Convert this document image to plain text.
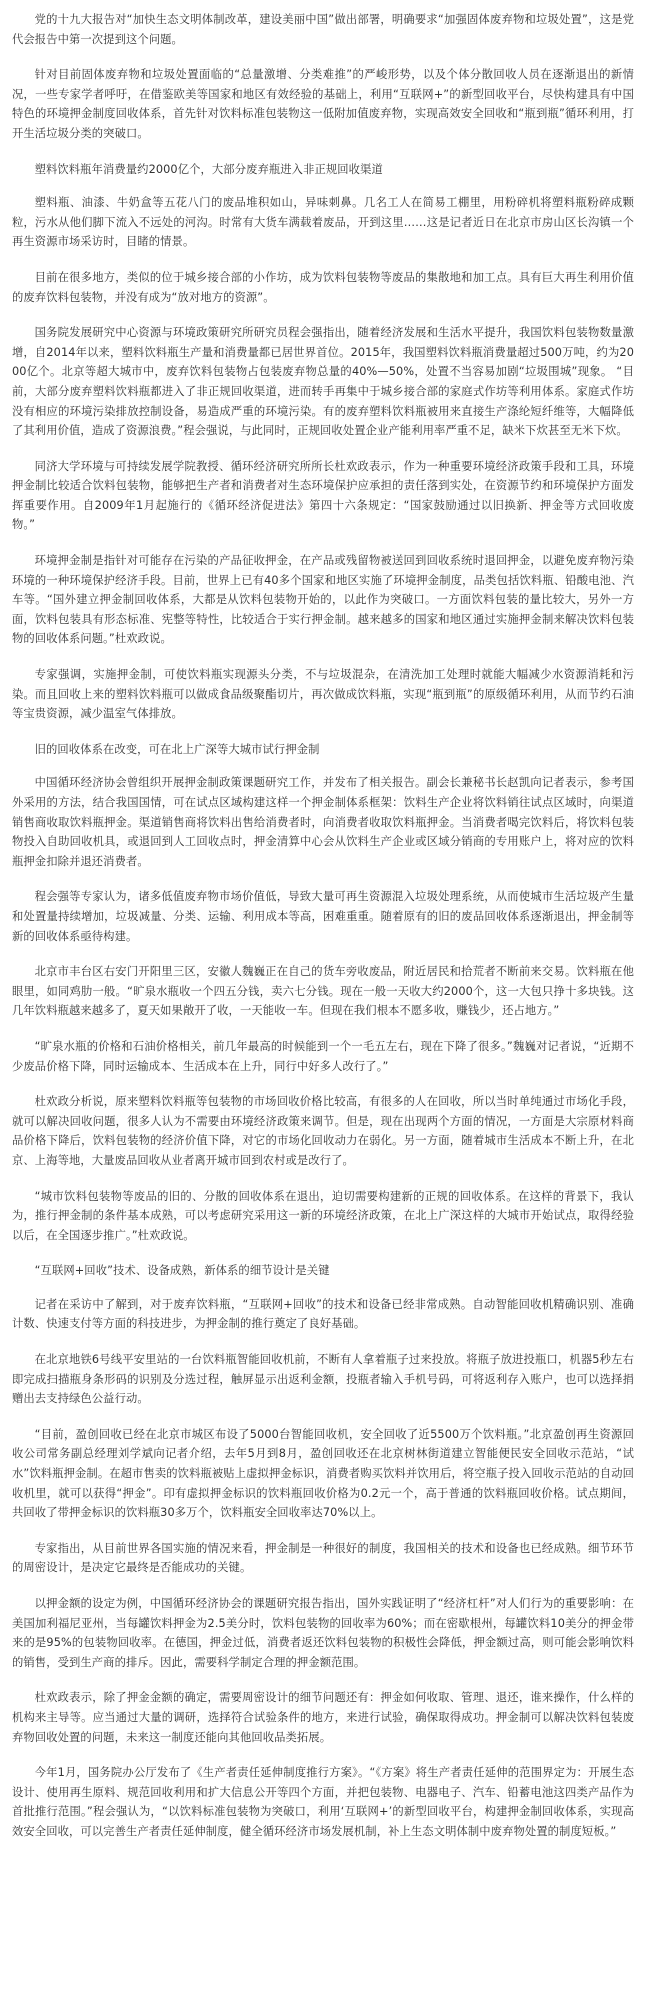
党的十九大报告对“加快生态文明体制改革，建设美丽中国”做出部署，明确要求“加强固体废弃物和垃圾处置”，这是党代会报告中第一次提到这个问题。

针对目前固体废弃物和垃圾处置面临的“总量激增、分类难推”的严峻形势，以及个体分散回收人员在逐渐退出的新情况，一些专家学者呼吁，在借鉴欧美等国家和地区有效经验的基础上，利用“互联网+”的新型回收平台，尽快构建具有中国特色的环境押金制度回收体系，首先针对饮料标准包装物这一低附加值废弃物，实现高效安全回收和“瓶到瓶”循环利用，打开生活垃圾分类的突破口。

塑料饮料瓶年消费量约2000亿个，大部分废弃瓶进入非正规回收渠道

塑料瓶、油漆、牛奶盒等五花八门的废品堆积如山，异味刺鼻。几名工人在简易工棚里，用粉碎机将塑料瓶粉碎成颗粒，污水从他们脚下流入不远处的河沟。时常有大货车满载着废品，开到这里……这是记者近日在北京市房山区长沟镇一个再生资源市场采访时，目睹的情景。

目前在很多地方，类似的位于城乡接合部的小作坊，成为饮料包装物等废品的集散地和加工点。具有巨大再生利用价值的废弃饮料包装物，并没有成为“放对地方的资源”。

国务院发展研究中心资源与环境政策研究所研究员程会强指出，随着经济发展和生活水平提升，我国饮料包装物数量激增，自2014年以来，塑料饮料瓶生产量和消费量都已居世界首位。2015年，我国塑料饮料瓶消费量超过500万吨，约为2000亿个。北京等超大城市中，废弃饮料包装物占包装废弃物总量的40%—50%，处置不当容易加剧“垃圾围城”现象。 “目前，大部分废弃塑料饮料瓶都进入了非正规回收渠道，进而转手再集中于城乡接合部的家庭式作坊等利用体系。家庭式作坊没有相应的环境污染排放控制设备，易造成严重的环境污染。有的废弃塑料饮料瓶被用来直接生产涤纶短纤维等，大幅降低了其利用价值，造成了资源浪费。”程会强说，与此同时，正规回收处置企业产能利用率严重不足，缺米下炊甚至无米下炊。

同济大学环境与可持续发展学院教授、循环经济研究所所长杜欢政表示，作为一种重要环境经济政策手段和工具，环境押金制比较适合饮料包装物，能够把生产者和消费者对生态环境保护应承担的责任落到实处，在资源节约和环境保护方面发挥重要作用。自2009年1月起施行的《循环经济促进法》第四十六条规定：“国家鼓励通过以旧换新、押金等方式回收废物。”

环境押金制是指针对可能存在污染的产品征收押金，在产品或残留物被送回到回收系统时退回押金，以避免废弃物污染环境的一种环境保护经济手段。目前，世界上已有40多个国家和地区实施了环境押金制度，品类包括饮料瓶、铅酸电池、汽车等。“国外建立押金制回收体系，大都是从饮料包装物开始的，以此作为突破口。一方面饮料包装的量比较大，另外一方面，饮料包装具有形态标准、宪整等特性，比较适合于实行押金制。越来越多的国家和地区通过实施押金制来解决饮料包装物的回收体系问题。”杜欢政说。

专家强调，实施押金制，可使饮料瓶实现源头分类，不与垃圾混杂，在清洗加工处理时就能大幅减少水资源消耗和污染。而且回收上来的塑料饮料瓶可以做成食品级聚酯切片，再次做成饮料瓶，实现“瓶到瓶”的原级循环利用，从而节约石油等宝贵资源，减少温室气体排放。

旧的回收体系在改变，可在北上广深等大城市试行押金制

中国循环经济协会曾组织开展押金制政策课题研究工作，并发布了相关报告。副会长兼秘书长赵凯向记者表示，参考国外采用的方法，结合我国国情，可在试点区域构建这样一个押金制体系框架：饮料生产企业将饮料销往试点区域时，向渠道销售商收取饮料瓶押金。渠道销售商将饮料出售给消费者时，向消费者收取饮料瓶押金。当消费者喝完饮料后，将饮料包装物投入自助回收机具，或退回到人工回收点时，押金清算中心会从饮料生产企业或区域分销商的专用账户上，将对应的饮料瓶押金扣除并退还消费者。

程会强等专家认为，诸多低值废弃物市场价值低，导致大量可再生资源混入垃圾处理系统，从而使城市生活垃圾产生量和处置量持续增加，垃圾减量、分类、运输、利用成本等高，困难重重。随着原有的旧的废品回收体系逐渐退出，押金制等新的回收体系亟待构建。

北京市丰台区右安门开阳里三区，安徽人魏巍正在自己的货车旁收废品，附近居民和拾荒者不断前来交易。饮料瓶在他眼里，如同鸡肋一般。“旷泉水瓶收一个四五分钱，卖六七分钱。现在一般一天收大约2000个，这一大包只挣十多块钱。这几年饮料瓶越来越多了，夏天如果敞开了收，一天能收一车。但现在我们根本不愿多收，赚钱少，还占地方。”

“旷泉水瓶的价格和石油价格相关，前几年最高的时候能到一个一毛五左右，现在下降了很多。”魏巍对记者说，“近期不少废品价格下降，同时运输成本、生活成本在上升，同行中好多人改行了。”

杜欢政分析说，原来塑料饮料瓶等包装物的市场回收价格比较高，有很多的人在回收，所以当时单纯通过市场化手段，就可以解决回收问题，很多人认为不需要由环境经济政策来调节。但是，现在出现两个方面的情况，一方面是大宗原材料商品价格下降后，饮料包装物的经济价值下降，对它的市场化回收动力在弱化。另一方面，随着城市生活成本不断上升，在北京、上海等地，大量废品回收从业者离开城市回到农村或是改行了。

“城市饮料包装物等废品的旧的、分散的回收体系在退出，迫切需要构建新的正规的回收体系。在这样的背景下，我认为，推行押金制的条件基本成熟，可以考虑研究采用这一新的环境经济政策，在北上广深这样的大城市开始试点，取得经验以后，在全国逐步推广。”杜欢政说。

“互联网+回收”技术、设备成熟，新体系的细节设计是关键

记者在采访中了解到，对于废弃饮料瓶，“互联网+回收”的技术和设备已经非常成熟。自动智能回收机精确识别、准确计数、快速支付等方面的科技进步，为押金制的推行奠定了良好基础。

在北京地铁6号线平安里站的一台饮料瓶智能回收机前，不断有人拿着瓶子过来投放。将瓶子放进投瓶口，机器5秒左右即完成扫描瓶身条形码的识别及分选过程，触屏显示出返利金额，投瓶者输入手机号码，可将返利存入账户，也可以选择捐赠出去支持绿色公益行动。

“目前，盈创回收已经在北京市城区布设了5000台智能回收机，安全回收了近5500万个饮料瓶。”北京盈创再生资源回收公司常务副总经理刘学斌向记者介绍，去年5月到8月，盈创回收还在北京树林街道建立智能便民安全回收示范站，“试水”饮料瓶押金制。在超市售卖的饮料瓶被贴上虚拟押金标识，消费者购买饮料并饮用后，将空瓶子投入回收示范站的自动回收机里，就可以获得“押金”。印有虚拟押金标识的饮料瓶回收价格为0.2元一个，高于普通的饮料瓶回收价格。试点期间，共回收了带押金标识的饮料瓶30多万个，饮料瓶安全回收率达70%以上。

专家指出，从目前世界各国实施的情况来看，押金制是一种很好的制度，我国相关的技术和设备也已经成熟。细节环节的周密设计，是决定它最终是否能成功的关键。

以押金额的设定为例，中国循环经济协会的课题研究报告指出，国外实践证明了“经济杠杆”对人们行为的重要影响：在美国加利福尼亚州，当每罐饮料押金为2.5美分时，饮料包装物的回收率为60%；而在密歇根州，每罐饮料10美分的押金带来的是95%的包装物回收率。在德国，押金过低，消费者返还饮料包装物的积极性会降低，押金额过高，则可能会影响饮料的销售，受到生产商的排斥。因此，需要科学制定合理的押金额范围。

杜欢政表示，除了押金金额的确定，需要周密设计的细节问题还有：押金如何收取、管理、退还，谁来操作，什么样的机构来主导等。应当通过大量的调研，选择符合试验条件的地方，来进行试验，确保取得成功。押金制可以解决饮料包装废弃物回收处置的问题，未来这一制度还能向其他回收品类拓展。

今年1月，国务院办公厅发布了《生产者责任延伸制度推行方案》。“《方案》将生产者责任延伸的范围界定为：开展生态设计、使用再生原料、规范回收利用和扩大信息公开等四个方面，并把包装物、电器电子、汽车、铅蓄电池这四类产品作为首批推行范围。”程会强认为，“以饮料标准包装物为突破口，利用‘互联网+’的新型回收平台，构建押金制回收体系，实现高效安全回收，可以完善生产者责任延伸制度，健全循环经济市场发展机制，补上生态文明体制中废弃物处置的制度短板。”
